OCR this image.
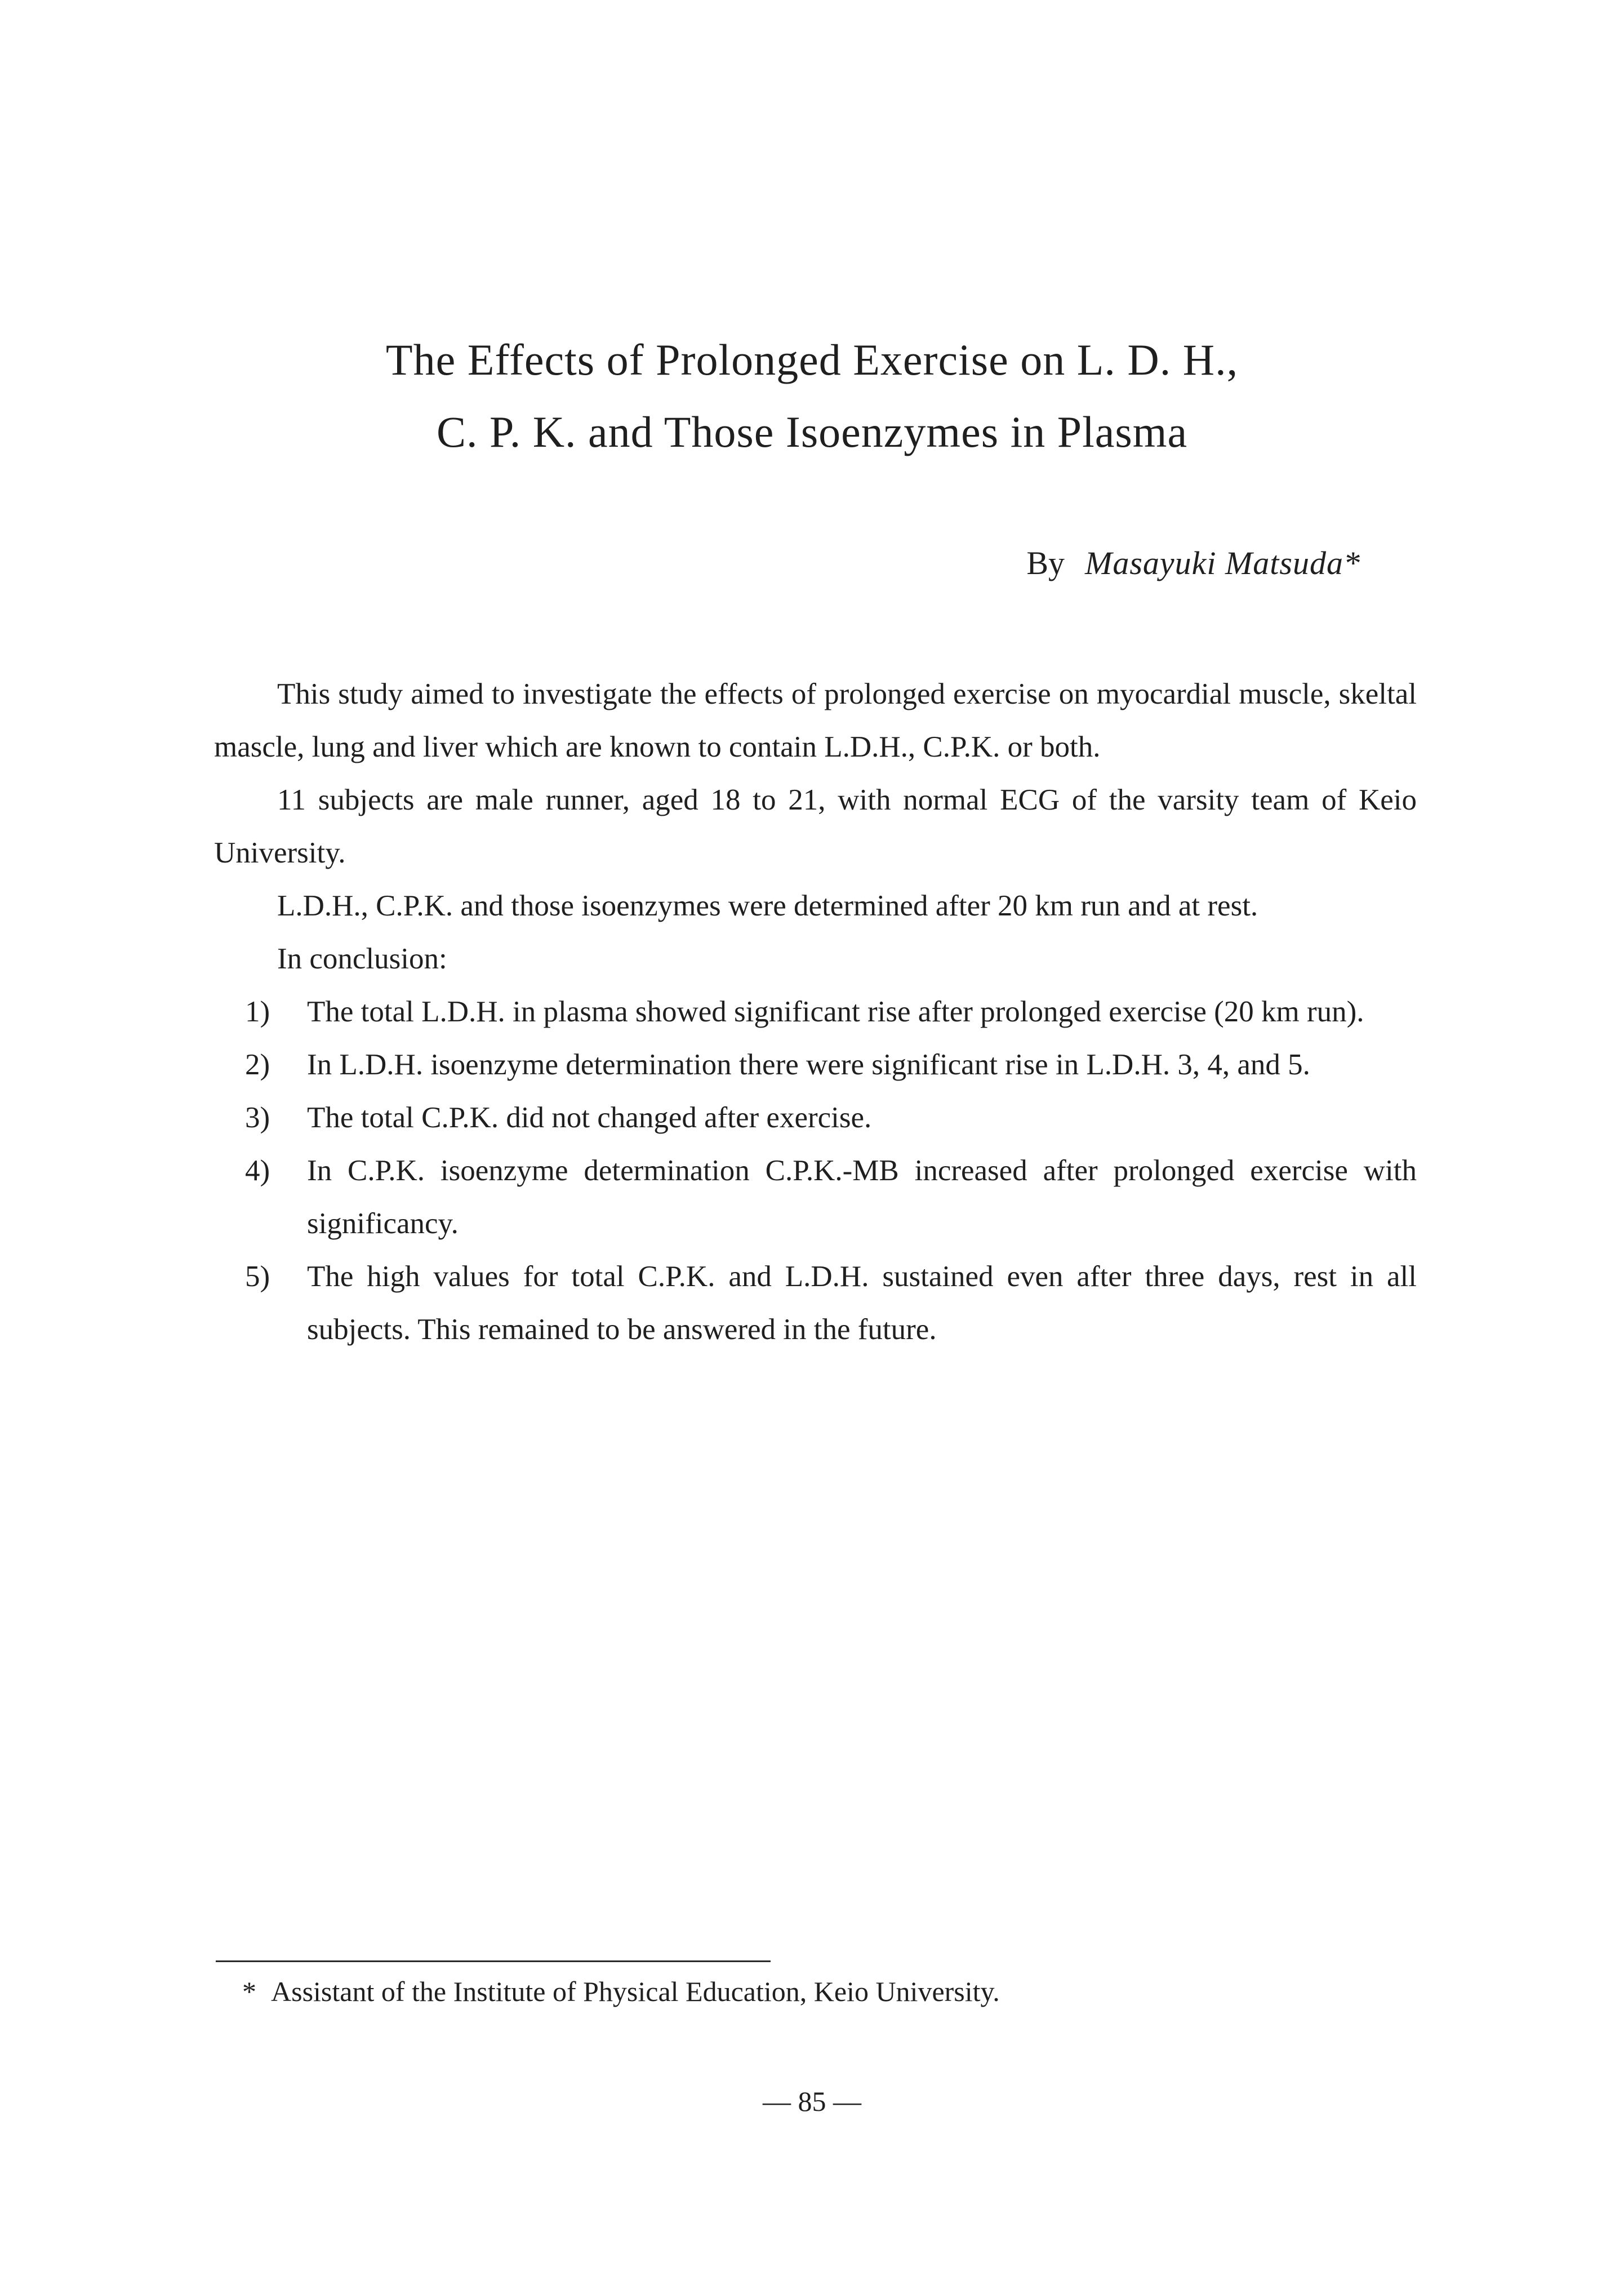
The Effects of Prolonged Exercise on L. D. H.,
C. P. K. and Those Isoenzymes in Plasma
By Masayuki Matsuda*

This study aimed to investigate the effects of prolonged exercise on myocardial muscle, skeltal mascle, lung and liver which are known to contain L.D.H., C.P.K. or both.

11 subjects are male runner, aged 18 to 21, with normal ECG of the varsity team of Keio University.

L.D.H., C.P.K. and those isoenzymes were determined after 20 km run and at rest.

In conclusion:

1) The total L.D.H. in plasma showed significant rise after prolonged exercise (20 km run).
2) In L.D.H. isoenzyme determination there were significant rise in L.D.H. 3, 4, and 5.
3) The total C.P.K. did not changed after exercise.
4) In C.P.K. isoenzyme determination C.P.K.-MB increased after prolonged exercise with significancy.
5) The high values for total C.P.K. and L.D.H. sustained even after three days, rest in all subjects. This remained to be answered in the future.
* Assistant of the Institute of Physical Education, Keio University.
— 85 —
